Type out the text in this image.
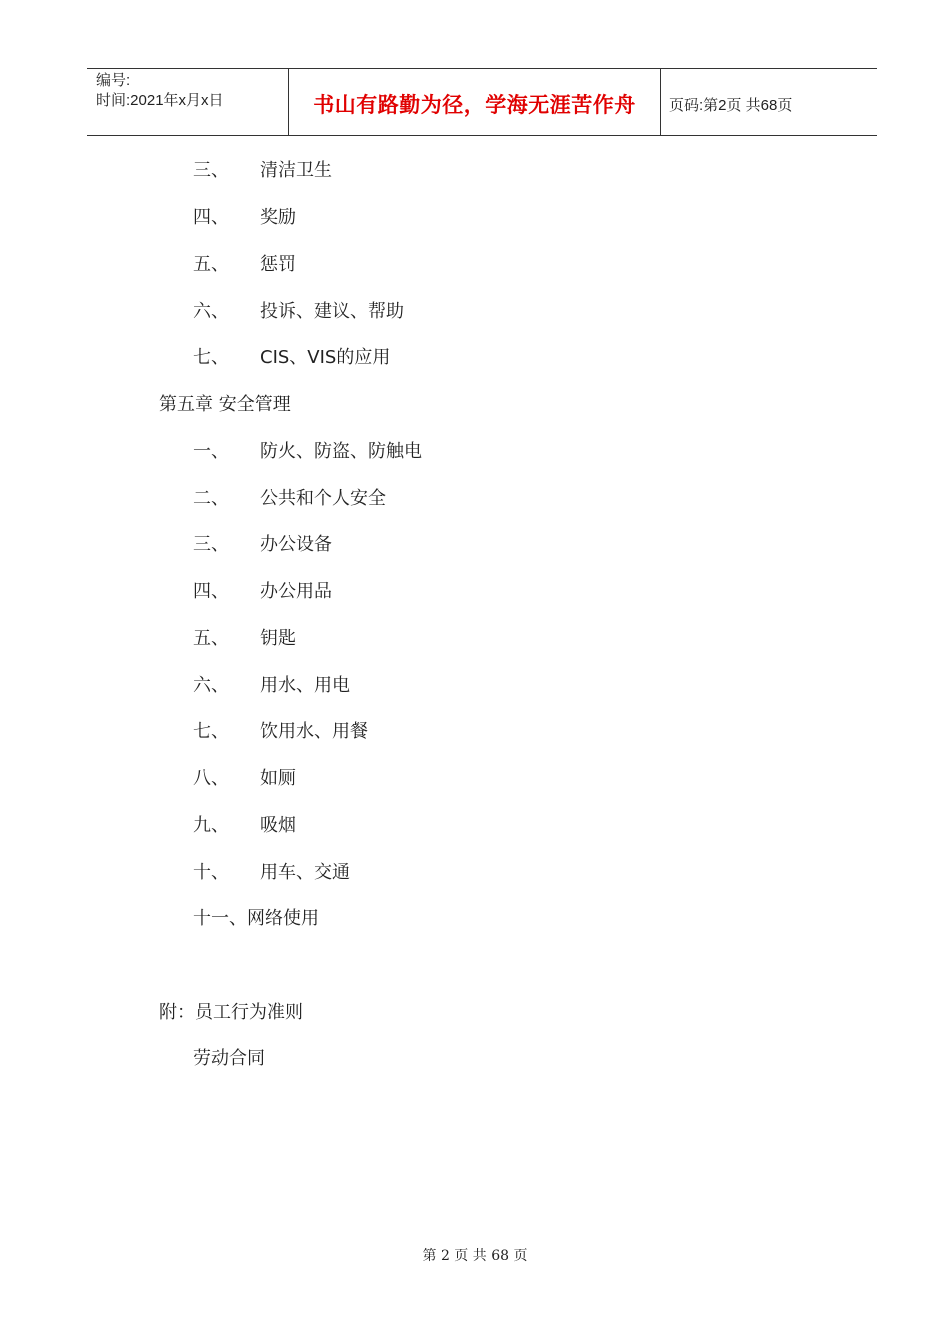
编号:
时间:2021年x月x日	书山有路勤为径，学海无涯苦作舟 页码:第2页 共68页
三、 清洁卫生
四、 奖励
五、 惩罚
六、 投诉、建议、帮助
七、 CIS、VIS的应用
第五章 安全管理
一、 防火、防盗、防触电
二、 公共和个人安全
三、 办公设备
四、 办公用品
五、 钥匙
六、 用水、用电
七、 饮用水、用餐
八、 如厕
九、 吸烟
十、 用车、交通
十一、网络使用
附：员工行为准则
劳动合同
第 2 页 共 68 页
